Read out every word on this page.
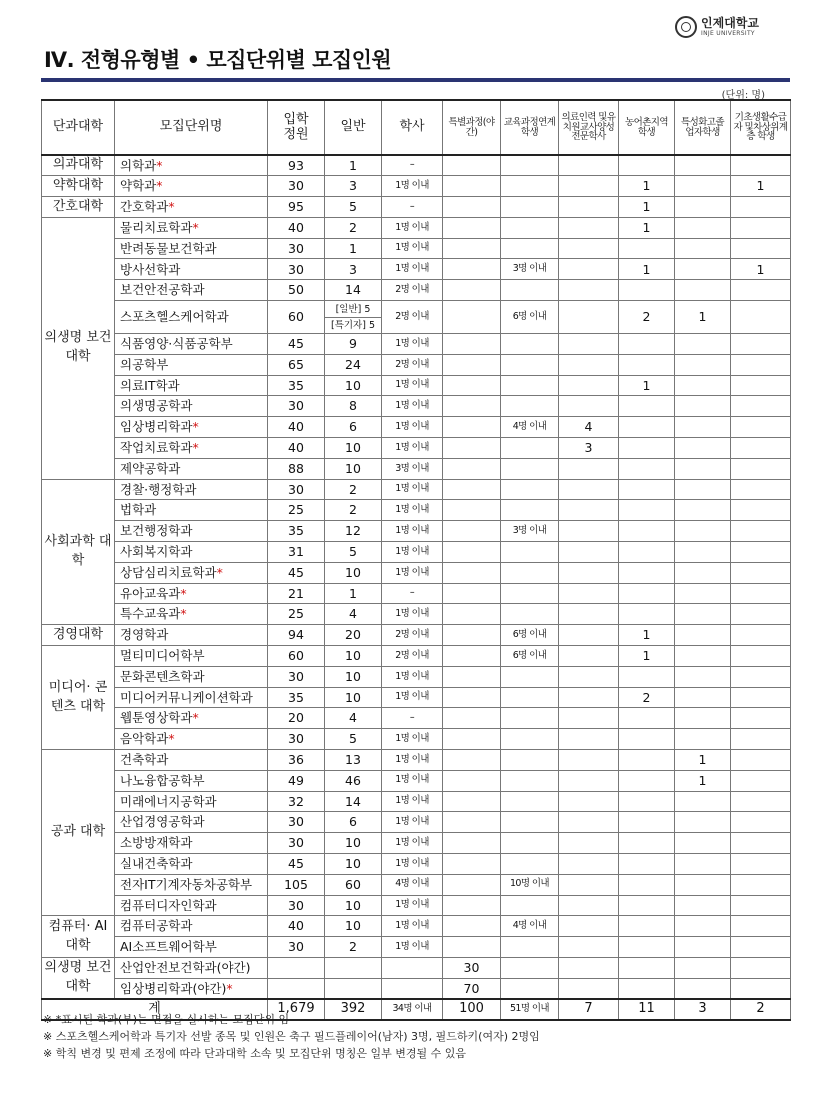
인제대학교
INJE UNIVERSITY
Ⅳ. 전형유형별 • 모집단위별 모집인원
(단위: 명)
단과대학	모집단위명	입학정원	일반	학사	특별과정(야간)	교육과정연계학생	의료인력 및유치원교사양성전문학사	농어촌지역학생	특성화고졸업자학생	기초생활수급자 및차상위계층 학생
의과대학	의학과*	93	1	–						
약학대학	약학과*	30	3	1명 이내				1		1
간호대학	간호학과*	95	5	–				1		
의생명 보건대학	물리치료학과*	40	2	1명 이내				1		
	반려동물보건학과	30	1	1명 이내						
	방사선학과	30	3	1명 이내		3명 이내		1		1
	보건안전공학과	50	14	2명 이내						
	스포츠헬스케어학과	60	[일반] 5
[특기자] 5	2명 이내		6명 이내		2	1	
	식품영양·식품공학부	45	9	1명 이내						
	의공학부	65	24	2명 이내						
	의료IT학과	35	10	1명 이내				1		
	의생명공학과	30	8	1명 이내						
	임상병리학과*	40	6	1명 이내		4명 이내	4			
	작업치료학과*	40	10	1명 이내			3			
	제약공학과	88	10	3명 이내						
사회과학 대학	경찰·행정학과	30	2	1명 이내						
	법학과	25	2	1명 이내						
	보건행정학과	35	12	1명 이내		3명 이내				
	사회복지학과	31	5	1명 이내						
	상담심리치료학과*	45	10	1명 이내						
	유아교육과*	21	1	–						
	특수교육과*	25	4	1명 이내						
경영대학	경영학과	94	20	2명 이내		6명 이내		1		
미디어· 콘텐츠 대학	멀티미디어학부	60	10	2명 이내		6명 이내		1		
	문화콘텐츠학과	30	10	1명 이내						
	미디어커뮤니케이션학과	35	10	1명 이내				2		
	웹툰영상학과*	20	4	–						
	음악학과*	30	5	1명 이내						
공과 대학	건축학과	36	13	1명 이내					1	
	나노융합공학부	49	46	1명 이내					1	
	미래에너지공학과	32	14	1명 이내						
	산업경영공학과	30	6	1명 이내						
	소방방재학과	30	10	1명 이내						
	실내건축학과	45	10	1명 이내						
	전자IT기계자동차공학부	105	60	4명 이내		10명 이내				
	컴퓨터디자인학과	30	10	1명 이내						
컴퓨터· AI대학	컴퓨터공학과	40	10	1명 이내		4명 이내				
	AI소프트웨어학부	30	2	1명 이내						
의생명 보건대학	산업안전보건학과(야간)				30					
	임상병리학과(야간)*				70					
계		1,679	392	34명 이내	100	51명 이내	7	11	3	2
※ *표시된 학과(부)는 면접을 실시하는 모집단위 임
※ 스포츠헬스케어학과 특기자 선발 종목 및 인원은 축구 필드플레이어(남자) 3명, 필드하키(여자) 2명임
※ 학칙 변경 및 편제 조정에 따라 단과대학 소속 및 모집단위 명칭은 일부 변경될 수 있음
